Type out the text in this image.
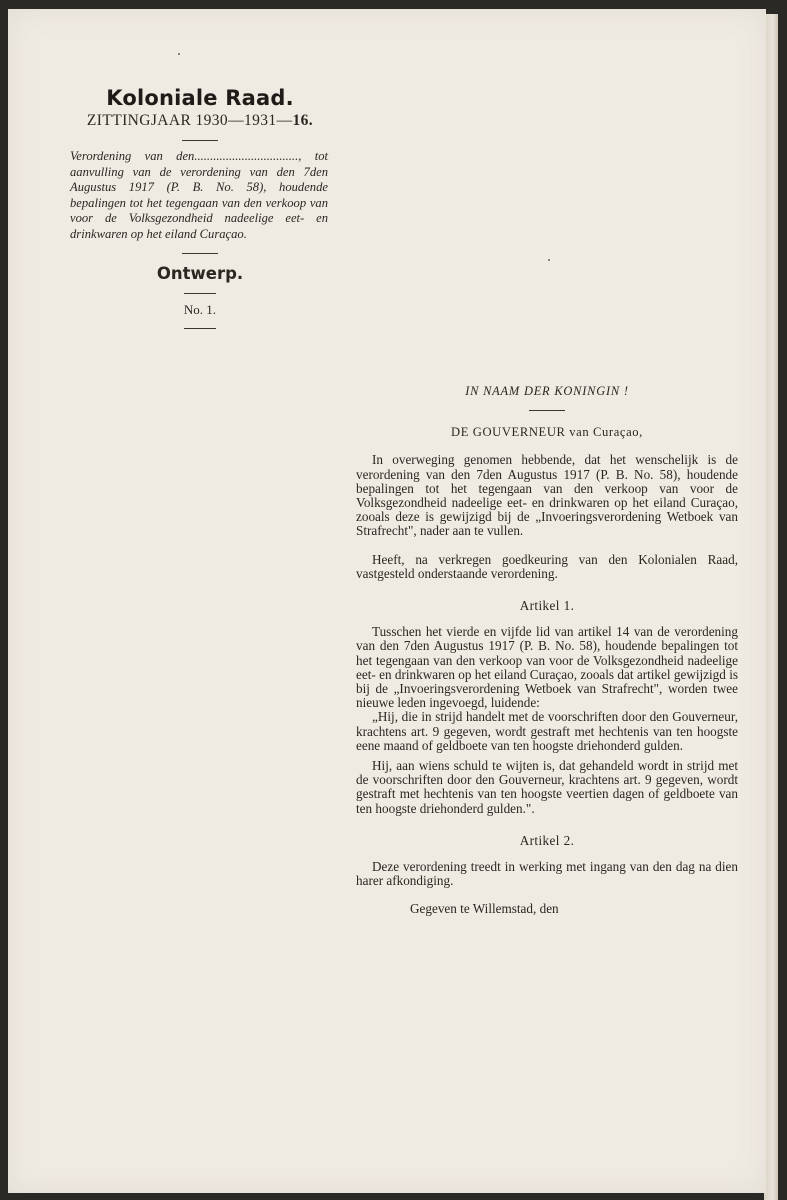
Koloniale Raad.
ZITTINGJAAR 1930—1931—16.
Verordening van den................................., tot aanvulling van de verordening van den 7den Augustus 1917 (P. B. No. 58), houdende bepalingen tot het tegengaan van den verkoop van voor de Volksgezondheid nadeelige eet- en drinkwaren op het eiland Curaçao.
Ontwerp.
No. 1.
IN NAAM DER KONINGIN !
DE GOUVERNEUR van Curaçao,

In overweging genomen hebbende, dat het wenschelijk is de verordening van den 7den Augustus 1917 (P. B. No. 58), houdende bepalingen tot het tegengaan van den verkoop van voor de Volksgezondheid nadeelige eet- en drinkwaren op het eiland Curaçao, zooals deze is gewijzigd bij de „Invoeringsverordening Wetboek van Strafrecht", nader aan te vullen.

Heeft, na verkregen goedkeuring van den Kolonialen Raad, vastgesteld onderstaande verordening.

Artikel 1.

Tusschen het vierde en vijfde lid van artikel 14 van de verordening van den 7den Augustus 1917 (P. B. No. 58), houdende bepalingen tot het tegengaan van den verkoop van voor de Volksgezondheid nadeelige eet- en drinkwaren op het eiland Curaçao, zooals dat artikel gewijzigd is bij de „Invoeringsverordening Wetboek van Strafrecht", worden twee nieuwe leden ingevoegd, luidende:

„Hij, die in strijd handelt met de voorschriften door den Gouverneur, krachtens art. 9 gegeven, wordt gestraft met hechtenis van ten hoogste eene maand of geldboete van ten hoogste driehonderd gulden.

Hij, aan wiens schuld te wijten is, dat gehandeld wordt in strijd met de voorschriften door den Gouverneur, krachtens art. 9 gegeven, wordt gestraft met hechtenis van ten hoogste veertien dagen of geldboete van ten hoogste driehonderd gulden.".

Artikel 2.

Deze verordening treedt in werking met ingang van den dag na dien harer afkondiging.

Gegeven te Willemstad, den
